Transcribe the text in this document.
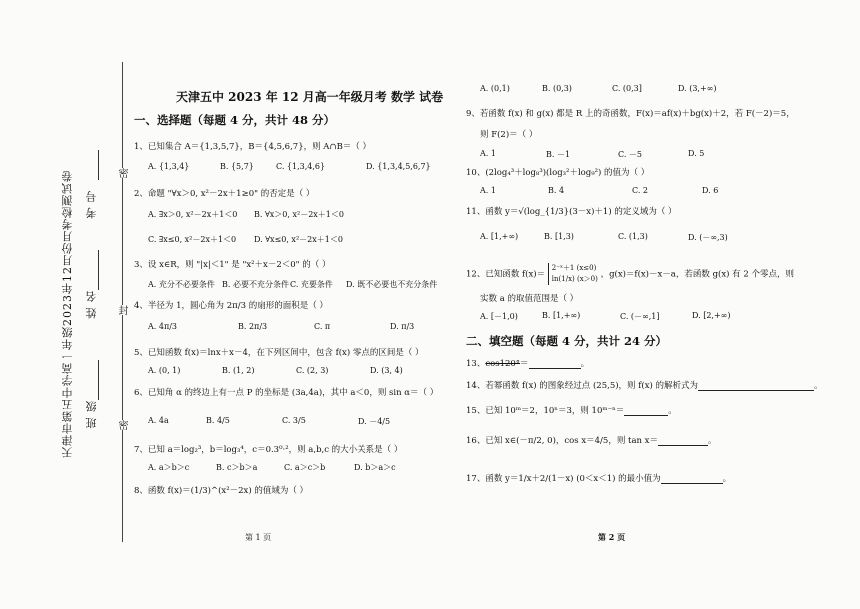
天津市第五中学高一年级2023年12月份月考检测试卷 班 级
姓 名
考 号
密
封
密
天津五中 2023 年 12 月高一年级月考 数学 试卷
一、选择题（每题 4 分，共计 48 分）
1、已知集合 A＝{1,3,5,7}，B＝{4,5,6,7}，则 A∩B＝（ ）
A. {1,3,4}	B. {5,7}	C. {1,3,4,6}	D. {1,3,4,5,6,7}
2、命题 "∀x＞0, x²－2x＋1≥0" 的否定是（ ）
A. ∃x＞0, x²－2x＋1＜0	B. ∀x＞0, x²－2x＋1＜0
C. ∃x≤0, x²－2x＋1＜0	D. ∀x≤0, x²－2x＋1＜0
3、设 x∈R，则 "|x|＜1" 是 "x²＋x－2＜0" 的（ ）
A. 充分不必要条件 B. 必要不充分条件 C. 充要条件	D. 既不必要也不充分条件
4、半径为 1，圆心角为 2π/3 的扇形的面积是（ ）
A. 4π/3	B. 2π/3	C. π	D. π/3
5、已知函数 f(x)＝lnx＋x－4，在下列区间中，包含 f(x) 零点的区间是（ ）
A. (0, 1)	B. (1, 2)	C. (2, 3)	D. (3, 4)
6、已知角 α 的终边上有一点 P 的坐标是 (3a,4a)，其中 a＜0，则 sin α＝（ ）
A. 4a	B. 4/5	C. 3/5	D. －4/5
7、已知 a＝log₂³，b＝log₃⁴，c＝0.3⁰·²，则 a,b,c 的大小关系是（ ）
A. a＞b＞c	B. c＞b＞a	C. a＞c＞b	D. b＞a＞c
8、函数 f(x)＝(1/3)^(x²－2x) 的值域为（ ）
第 1 页
A. (0,1)	B. (0,3)	C. (0,3]	D. (3,+∞)
9、若函数 f(x) 和 g(x) 都是 R 上的奇函数，F(x)＝af(x)＋bg(x)＋2，若 F(－2)＝5，
则 F(2)＝（ ）
A. 1	B. －1	C. －5	D. 5
10、(2log₄³＋log₈³)(log₃²＋log₉²) 的值为（ ）
A. 1	B. 4	C. 2	D. 6
11、函数 y＝√(log_{1/3}(3－x)＋1) 的定义域为（ ）
A. [1,+∞)	B. [1,3)	C. (1,3)	D. (－∞,3)
12、已知函数 f(x)＝
2⁻ˣ＋1 (x≤0)
ln(1/x) (x＞0) ，g(x)＝f(x)－x－a，若函数 g(x) 有 2 个零点，则
实数 a 的取值范围是（ ）
A. [－1,0)	B. [1,+∞)	C. (－∞,1]	D. [2,+∞)
二、填空题（每题 4 分，共计 24 分）
13、cos120°＝	。
14、若幂函数 f(x) 的图象经过点 (25,5)，则 f(x) 的解析式为	。
15、已知 10ᵐ＝2，10ⁿ＝3，则 10ᵐ⁻ⁿ＝	。
16、已知 x∈(－π/2, 0)，cos x＝4/5，则 tan x＝	。
17、函数 y＝1/x＋2/(1－x) (0＜x＜1) 的最小值为	。
第 2 页
